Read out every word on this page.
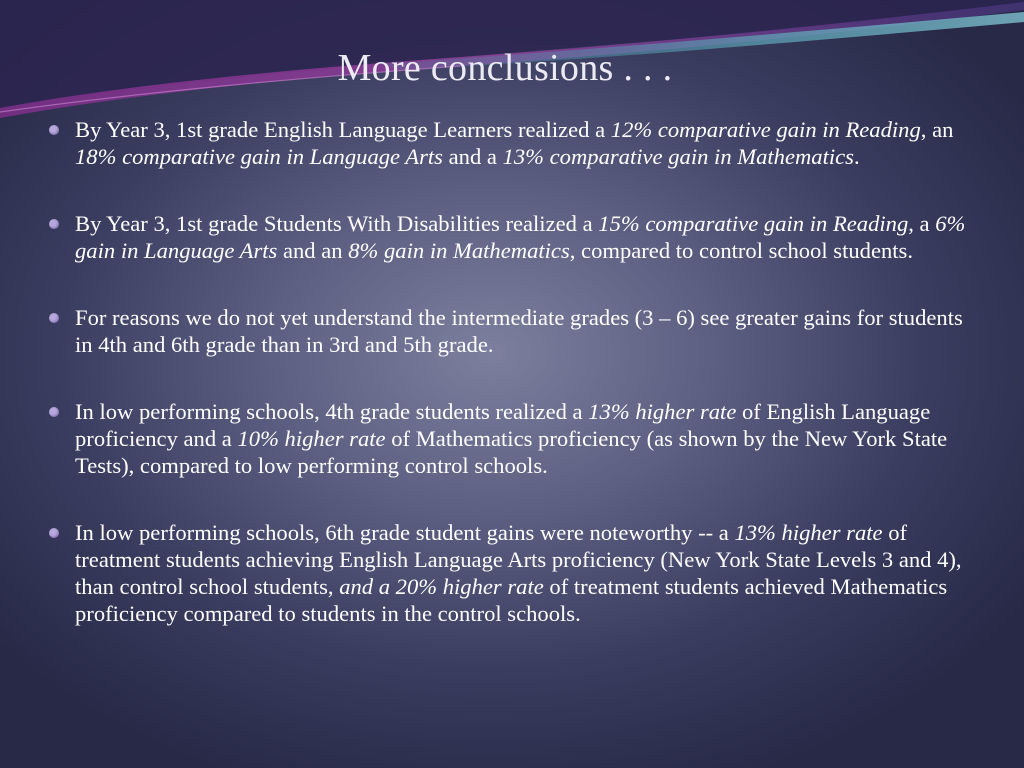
More conclusions . . .
By Year 3, 1st grade English Language Learners realized a 12% comparative gain in Reading, an 18% comparative gain in Language Arts and a 13% comparative gain in Mathematics.
By Year 3, 1st grade Students With Disabilities realized a 15% comparative gain in Reading, a 6% gain in Language Arts and an 8% gain in Mathematics, compared to control school students.
For reasons we do not yet understand the intermediate grades (3 – 6) see greater gains for students in 4th and 6th grade than in 3rd and 5th grade.
In low performing schools, 4th grade students realized a 13% higher rate of English Language proficiency and a 10% higher rate of Mathematics proficiency (as shown by the New York State Tests), compared to low performing control schools.
In low performing schools, 6th grade student gains were noteworthy -- a 13% higher rate of treatment students achieving English Language Arts proficiency (New York State Levels 3 and 4), than control school students, and a 20% higher rate of treatment students achieved Mathematics proficiency compared to students in the control schools.
